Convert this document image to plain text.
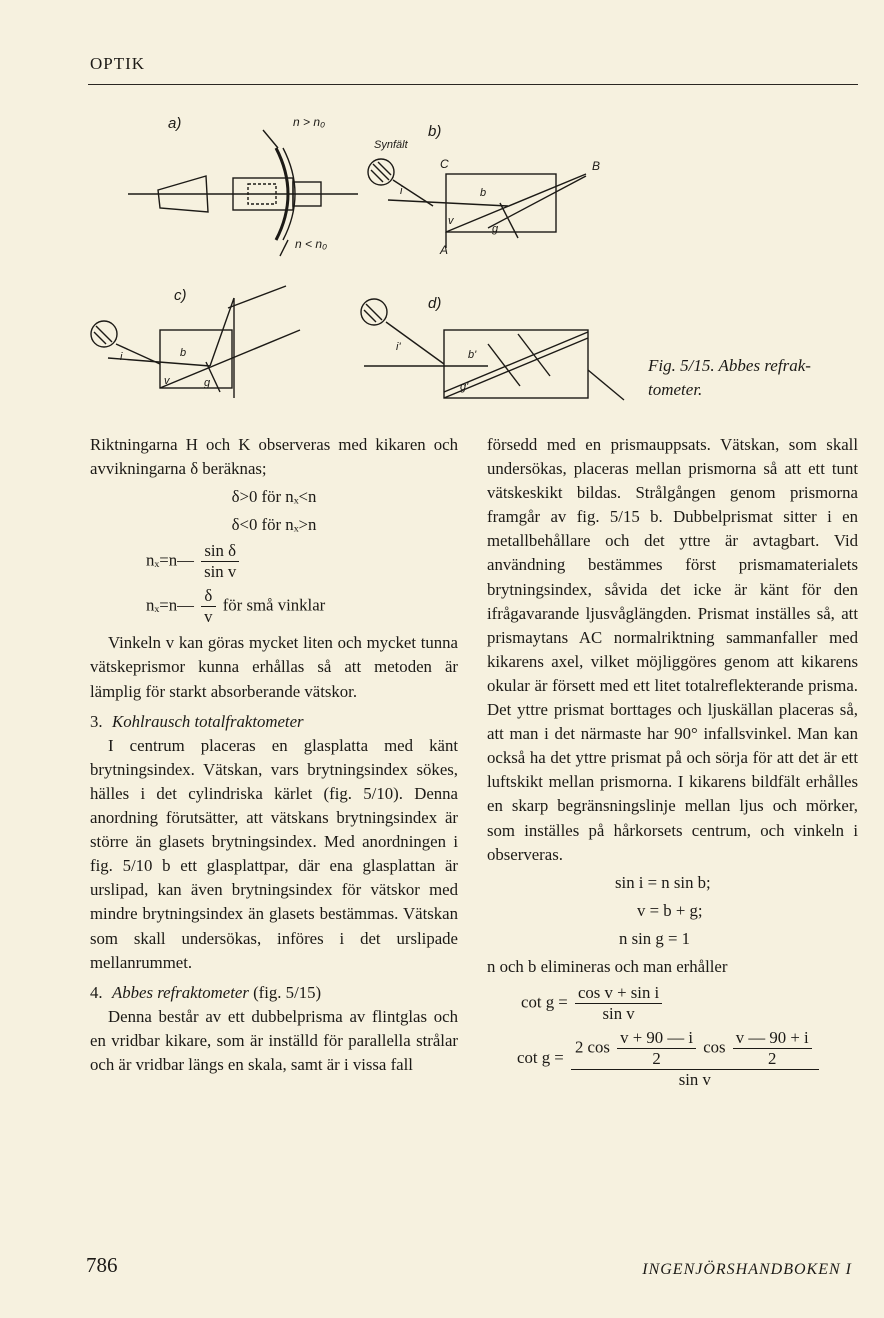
OPTIK
a)	n > n₀
n < n₀
Synfält
b)
C	B
A
i	b
v
g
c)
i	b
v	g
d)
i'
b'
g'
Fig. 5/15. Abbes refrak-
tometer.

Riktningarna H och K observeras med kikaren och avvikningarna δ beräknas;

δ>0 för nₓ<n
δ<0 för nₓ>n
nₓ=n— $\frac{\text{sin δ}}{\text{sin v}}$
nₓ=n— $\frac{\delta}{v}$ för små vinklar

Vinkeln v kan göras mycket liten och mycket tunna vätskeprismor kunna erhållas så att metoden är lämplig för starkt absorberande vätskor.

3. Kohlrausch totalfraktometer

I centrum placeras en glasplatta med känt brytningsindex. Vätskan, vars brytningsindex sökes, hälles i det cylindriska kärlet (fig. 5/10). Denna anordning förutsätter, att vätskans brytningsindex är större än glasets brytningsindex. Med anordningen i fig. 5/10 b ett glasplattpar, där ena glasplattan är urslipad, kan även brytningsindex för vätskor med mindre brytningsindex än glasets bestämmas. Vätskan som skall undersökas, införes i det urslipade mellanrummet.

4. Abbes refraktometer (fig. 5/15)

Denna består av ett dubbelprisma av flintglas och en vridbar kikare, som är inställd för parallella strålar och är vridbar längs en skala, samt är i vissa fall

försedd med en prismauppsats. Vätskan, som skall undersökas, placeras mellan prismorna så att ett tunt vätskeskikt bildas. Strålgången genom prismorna framgår av fig. 5/15 b. Dubbelprismat sitter i en metallbehållare och det yttre är avtagbart. Vid användning bestämmes först prismamaterialets brytningsindex, såvida det icke är känt för den ifrågavarande ljusvåglängden. Prismat inställes så, att prismaytans AC normalriktning sammanfaller med kikarens axel, vilket möjliggöres genom att kikarens okular är försett med ett litet totalreflekterande prisma. Det yttre prismat borttages och ljuskällan placeras så, att man i det närmaste har 90° infallsvinkel. Man kan också ha det yttre prismat på och sörja för att det är ett luftskikt mellan prismorna. I kikarens bildfält erhålles en skarp begränsningslinje mellan ljus och mörker, som inställes på hårkorsets centrum, och vinkeln i observeras.

sin i = n sin b;
v = b + g;
n sin g = 1

n och b elimineras och man erhåller

$\cot g = \frac{\text{cos v + sin i}}{\text{sin v}}$
cot g =
2 $\cos \frac{v + 90 — i}{2}$ $\cos \frac{v — 90 + i}{2}$
sin v
786	INGENJÖRSHANDBOKEN I
